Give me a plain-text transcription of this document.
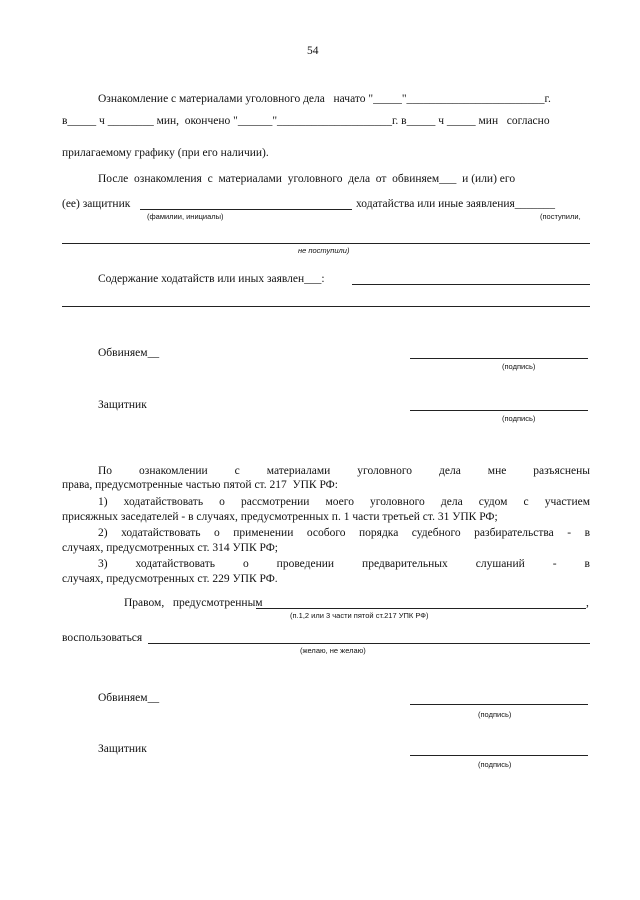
54
Ознакомление с материалами уголовного дела   начато "_____"________________________г.
в_____ ч ________ мин,  окончено "______"____________________г. в_____ ч _____ мин   согласно
прилагаемому графику (при его наличии).
После  ознакомления  с  материалами  уголовного  дела  от  обвиняем___  и (или) его
(ее) защитник	ходатайства или иные заявления_______
(фамилии, инициалы)	(поступили,
не поступили)
Содержание ходатайств или иных заявлен___:
Обвиняем__
(подпись)
Защитник
(подпись)
По ознакомлении с материалами уголовного дела мне разъяснены
права, предусмотренные частью пятой ст. 217  УПК РФ:
1) ходатайствовать о рассмотрении моего уголовного дела судом с участием
присяжных заседателей - в случаях, предусмотренных п. 1 части третьей ст. 31 УПК РФ;
2) ходатайствовать о применении особого порядка судебного разбирательства - в
случаях, предусмотренных ст. 314 УПК РФ;
3) ходатайствовать о проведении предварительных слушаний - в
случаях, предусмотренных ст. 229 УПК РФ.
Правом,   предусмотренным	,
(п.1,2 или 3 части пятой ст.217 УПК РФ)
воспользоваться
(желаю, не желаю)
Обвиняем__
(подпись)
Защитник
(подпись)
